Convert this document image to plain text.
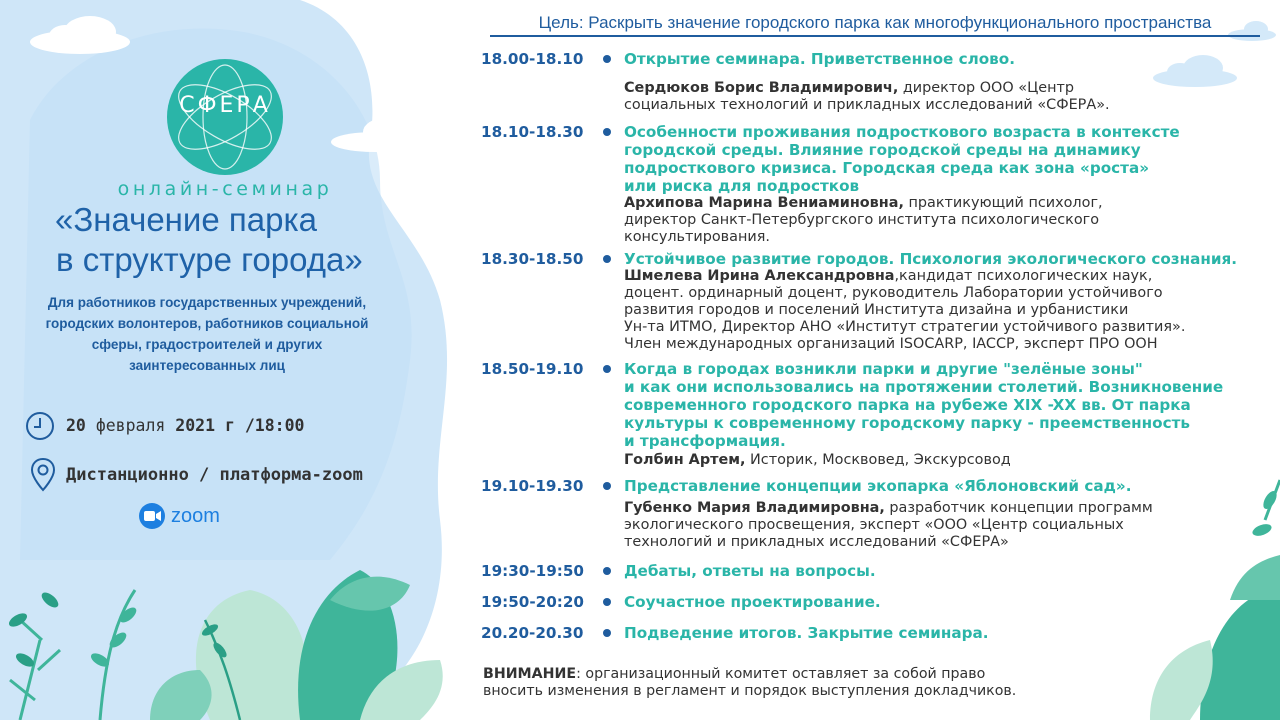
СФЕРА
онлайн-семинар
«Значение парка
в структуре города»
Для работников государственных учреждений,
городских волонтеров, работников социальной
сферы, градостроителей и других
заинтересованных лиц
20 февраля 2021 г /18:00
Дистанционно / платформа-zoom
zoom
Цель: Раскрыть значение городского парка как многофункционального пространства
18.00-18.10	Открытие семинара. Приветственное слово.
Сердюков Борис Владимирович, директор ООО «Центр
социальных технологий и прикладных исследований «СФЕРА».
18.10-18.30	Особенности проживания подросткового возраста в контексте
городской среды. Влияние городской среды на динамику
подросткового кризиса. Городская среда как зона «роста»
или риска для подростков
Архипова Марина Вениаминовна, практикующий психолог,
директор Санкт-Петербургского института психологического
консультирования.
18.30-18.50	Устойчивое развитие городов. Психология экологического сознания.
Шмелева Ирина Александровна,кандидат психологических наук,
доцент. ординарный доцент, руководитель Лаборатории устойчивого
развития городов и поселений Института дизайна и урбанистики
Ун-та ИТМО, Директор АНО «Институт стратегии устойчивого развития».
Член международных организаций ISOCARP, IACCP, эксперт ПРО ООН
18.50-19.10	Когда в городах возникли парки и другие "зелёные зоны"
и как они использовались на протяжении столетий. Возникновение
современного городского парка на рубеже XIX -XX вв. От парка
культуры к современному городскому парку - преемственность
и трансформация.
Голбин Артем, Историк, Москвовед, Экскурсовод
19.10-19.30	Представление концепции экопарка «Яблоновский сад».
Губенко Мария Владимировна, разработчик концепции программ
экологического просвещения, эксперт «ООО «Центр социальных
технологий и прикладных исследований «СФЕРА»
19:30-19:50	Дебаты, ответы на вопросы.
19:50-20:20	Соучастное проектирование.
20.20-20.30	Подведение итогов. Закрытие семинара.
ВНИМАНИЕ: организационный комитет оставляет за собой право
вносить изменения в регламент и порядок выступления докладчиков.
